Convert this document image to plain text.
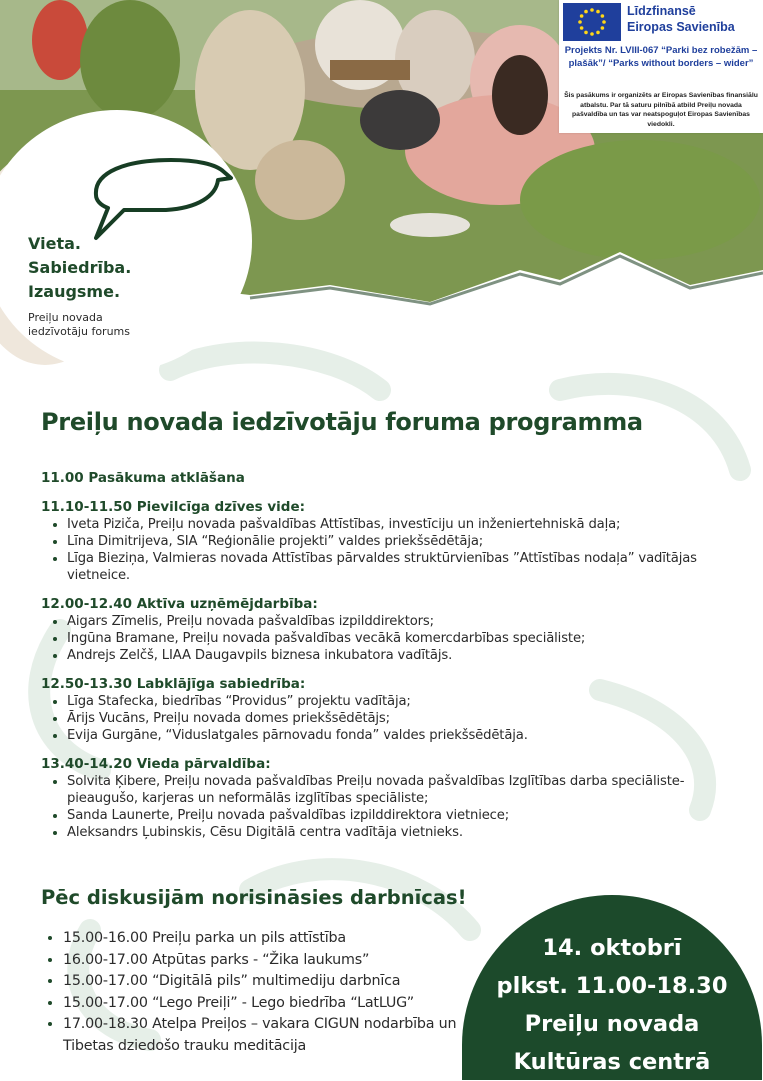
Vieta.
Sabiedrība.
Izaugsme.
Preiļu novada
iedzīvotāju forums
Līdzfinansē
Eiropas Savienība
Projekts Nr. LVIII-067 “Parki bez robežām – plašāk”/ “Parks without borders – wider”
Šis pasākums ir organizēts ar Eiropas Savienības finansiālu atbalstu. Par tā saturu pilnībā atbild Preiļu novada pašvaldība un tas var neatspoguļot Eiropas Savienības viedokli.
Preiļu novada iedzīvotāju foruma programma
11.00 Pasākuma atklāšana
11.10-11.50 Pievilcīga dzīves vide:
• Iveta Piziča, Preiļu novada pašvaldības Attīstības, investīciju un inženiertehniskā daļa;
• Līna Dimitrijeva, SIA “Reģionālie projekti” valdes priekšsēdētāja;
• Līga Bieziņa, Valmieras novada Attīstības pārvaldes struktūrvienības ”Attīstības nodaļa” vadītājas vietneice.
12.00-12.40 Aktīva uzņēmējdarbība:
• Aigars Zīmelis, Preiļu novada pašvaldības izpilddirektors;
• Ingūna Bramane, Preiļu novada pašvaldības vecākā komercdarbības speciāliste;
• Andrejs Zelčš, LIAA Daugavpils biznesa inkubatora vadītājs.
12.50-13.30 Labklājīga sabiedrība:
• Līga Stafecka, biedrības “Providus” projektu vadītāja;
• Ārijs Vucāns, Preiļu novada domes priekšsēdētājs;
• Evija Gurgāne, “Viduslatgales pārnovadu fonda” valdes priekšsēdētāja.
13.40-14.20 Vieda pārvaldība:
• Solvita Ķibere, Preiļu novada pašvaldības Preiļu novada pašvaldības Izglītības darba speciāliste-pieaugušo, karjeras un neformālās izglītības speciāliste;
• Sanda Launerte, Preiļu novada pašvaldības izpilddirektora vietniece;
• Aleksandrs Ļubinskis, Cēsu Digitālā centra vadītāja vietnieks.
Pēc diskusijām norisināsies darbnīcas!
• 15.00-16.00 Preiļu parka un pils attīstība
• 16.00-17.00 Atpūtas parks - “Žika laukums”
• 15.00-17.00 “Digitālā pils” multimediju darbnīca
• 15.00-17.00 “Lego Preiļi” - Lego biedrība “LatLUG”
• 17.00-18.30 Atelpa Preiļos – vakara CIGUN nodarbība un Tibetas dziedošo trauku meditācija
14. oktobrī
plkst. 11.00-18.30
Preiļu novada
Kultūras centrā
